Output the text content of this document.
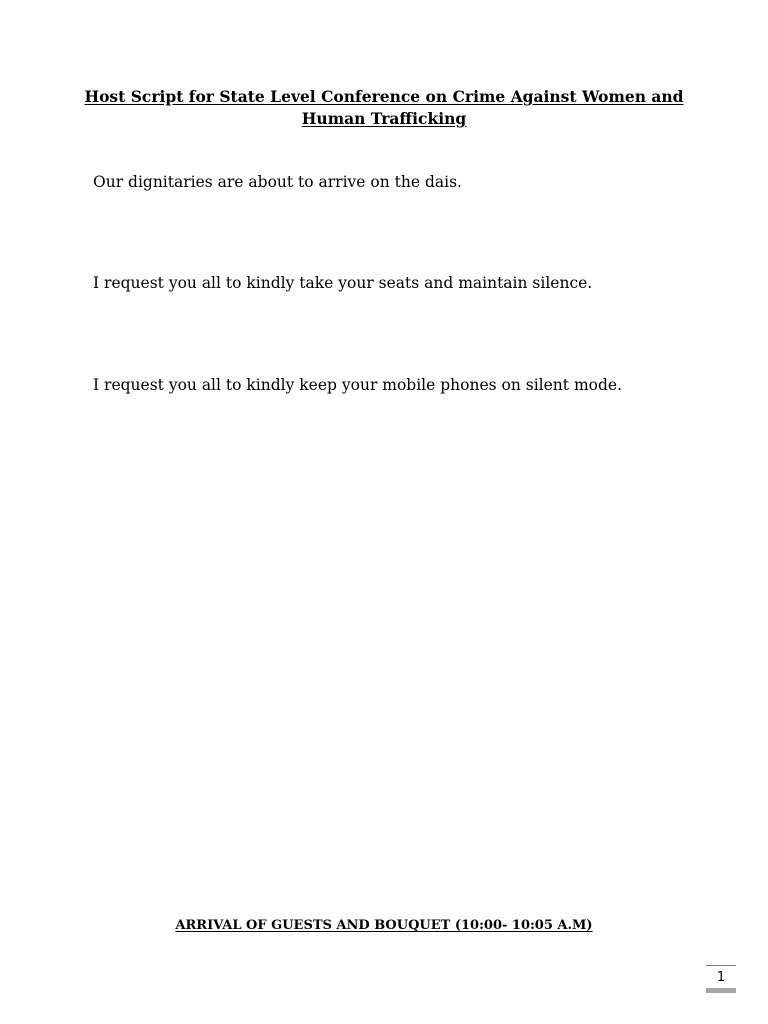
Host Script for State Level Conference on Crime Against Women and Human Trafficking
Our dignitaries are about to arrive on the dais.
I request you all to kindly take your seats and maintain silence.
I request you all to kindly keep your mobile phones on silent mode.
ARRIVAL OF GUESTS AND BOUQUET (10:00- 10:05 A.M)
1
